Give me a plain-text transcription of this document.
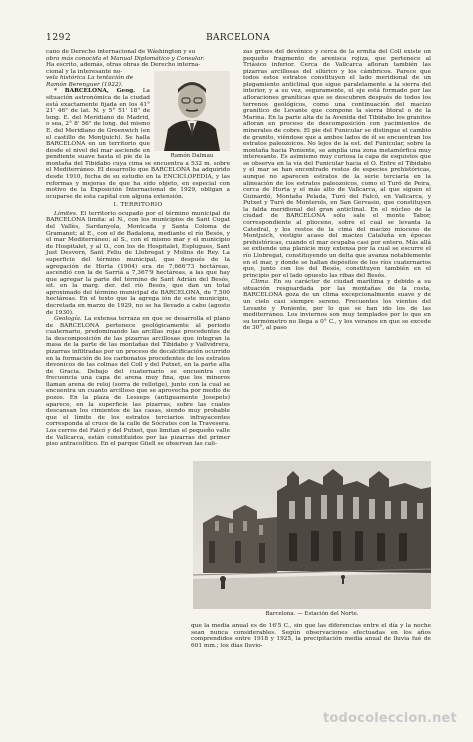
1292	BARCELONA

cano de Derecho internacional de Wáshington y su

obra más conocida el Manual Diplomático y Consular.

Ha escrito, además, otras obras de Derecho interna-

Ramón Dalmau

cional y la interesante no-

vela histórica La tentación de

Ramón Berenguer (1922).

* BARCELONA, Geog. La situación astronómica de la ciudad está exactamente fijada en los 41° 21' 46" de lat. N. y 5° 51' 18" de long. E. del Meridiano de Madrid, o sea, 2° 8' 56" de long. del mismo E. del Meridiano de Greenwich (en el castillo de Montjuich). Se halla BARCELONA en un territorio que desde el nivel del mar asciende en pendiente suave hasta el pie de la montaña del Tibidabo cuya cima se encuentra a 532 m. sobre el Mediterráneo. El desarrollo que BARCELONA ha adquirido desde 1910, fecha de su estudio en la ENCICLOPEDIA, y las reformas y mejoras de que ha sido objeto, en especial con motivo de la Exposición Internacional de 1929, obligan a ocuparse de esta capital con alguna extensión.

I. TERRITORIO

Límites. El territorio ocupado por el término municipal de BARCELONA limita: al N., con los municipios de Sant Cugat del Vallès, Sardanyola, Montcada y Santa Coloma de Gramanet; al E., con el de Badalona, mediante el río Besós, y el mar Mediterráneo; al S., con el mismo mar y el municipio de Hospitalet, y al O., con los de Hospitalet, Esplugues, Sant Just Desvern, Sant Feliu de Llobregat y Molins de Rey. La superficie del término municipal, que después de la agregación de Horta (1904) era de 7,666'73 hectáreas, ascendió con la de Sarrià a 7,367'9 hectáreas, a las que hay que agregar la parte del término de Sant Adrián del Besós, sit. en la marg. der. del río Besós, que dan un total aproximado del término municipal de BARCELONA, de 7,500 hectáreas. En el texto que la agrega ión de este municipio, decretada en marzo de 1929, no se ha llevado a cabo (agosto de 1930).

Geología. La extensa terraza en que se desarrolla el plano de BARCELONA pertenece geológicamente al periodo cuaternario, predominando las arcillas rojas procedentes de la descomposición de las pizarras arcillosas que integran la masa de la parte de las montañas del Tibidabo y Vallvidrera, pizarras infiltradas por un proceso de decalcificación ocurrido en la formación de los carbonatos procedentes de los estratos devonicos de las colinas del Coll y del Putxet, en la parte alta de Gracia. Debajo del cuaternario se encuentra con frecuencia una capa de arena muy fina, que los mineros llaman arena de reloj (sorra de rellotge), junto con la cual se encuentra un cuanto arcilloso que se aprovecha por medio de pozos. En la plaza de Lesseps (antiguamente Josepets) aparece, en la superficie las pizarras, sobre las cuales descansan los cimientos de las casas, siendo muy probable que el límite de los estratos terciarios infrayacentes corresponda al cruce de la calle de Sócrates con la Travesera. Los cerros del Falcó y del Putxet, que limitan el pequeño valle de Vallcarca, están constituidos por las pizarras del primer piso antracolítico. En el parque Güell se observan las cali-

zas grises del devónico y cerca de la ermita del Coll existe un pequeño fragmento de arenisca rojiza, que pertenece al Triásico inferior. Cerca de Vallcarca afloran también las pizarras arcillosas del silúrico y los cámbricos. Parece que todos estos estratos constituyen el lado meridional de un plegamiento anticlinal que sigue paralelamente a la sierra del interior, y a su vez, seguramente, el eje está formado por las afloraciones graníticas que se descubren después de todos los terrenos geológicos, como una continuación del macizo granítico de Levante que compone la sierra litoral o de la Marina. En la parte alta de la Avenida del Tibidabo los granitos afloran en proceso de descomposición con yacimientos de minerales de cobre. El pie del Funicular se distingue el cambio de granito, viéndose que a ambos lados de él se encuentran los estratos paleozoicos. No lejos de la est. del Funicular, sobre la montaña hacia Poniente, se amplía una zona metamórfica muy interesante. Es asimismo muy curiosa la capa de esquistos que se observa en la vía del Funicular hacia el O. Entre el Tibidabo y el mar se han encontrado restos de especies prehistóricas, aunque no aparecen estratos de la serie terciaria en la alineación de los estratos paleozoicos, como el Turó de Peira, cerca de Horta y el más alto de Vallcarca, al que siguen el Guinardó, Montaña Pelada, Turó del Falcó, en Vallcarca, y Putxet y Turó de Monterols, en San Gervasio, que constituyen la falda meridional del gran anticlinal. En el núcleo de la ciudad de BARCELONA sólo sale el monte Tabor, correspondiente al plioceno, sobre el cual se levanta la Catedral, y los restos de la cima del macizo mioceno de Montjuich, vestigio acaso del macizo Cataluña en épocas prehistóricas, cuando el mar ocupaba casi por entero. Más allá se extiende una planicie muy extensa por la cual se escurre el río Llobregat, constituyendo un delta que avanza notablemente en el mar, y donde se hallan depósitos de los ríos cuaternarios que, junto con los del Besós, constituyen también en el principio por el lado opuesto las ribas del Besós.

Clima. En su carácter de ciudad marítima y debido a su situación resguardada por las montañas de la costa, BARCELONA goza de un clima excepcionalmente suave y de un cielo casi siempre sereno. Frecuentes los vientos del Levante y Poniente, por lo que se han ido los de las mediterráneo. Los inviernos son muy templados por lo que en su termómetro no llega a 0° C., y los veranos en que se excede de 30°, al paso

Barcelona. — Estación del Norte.

que la media anual es de 16'5 C., sin que las diferencias entre el día y la noche sean nunca considerables. Según observaciones efectuadas en los años comprendidos entre 1918 y 1925, la precipitación media anual de lluvia fué de 601 mm.; los días lluvio-

todocoleccion.net
